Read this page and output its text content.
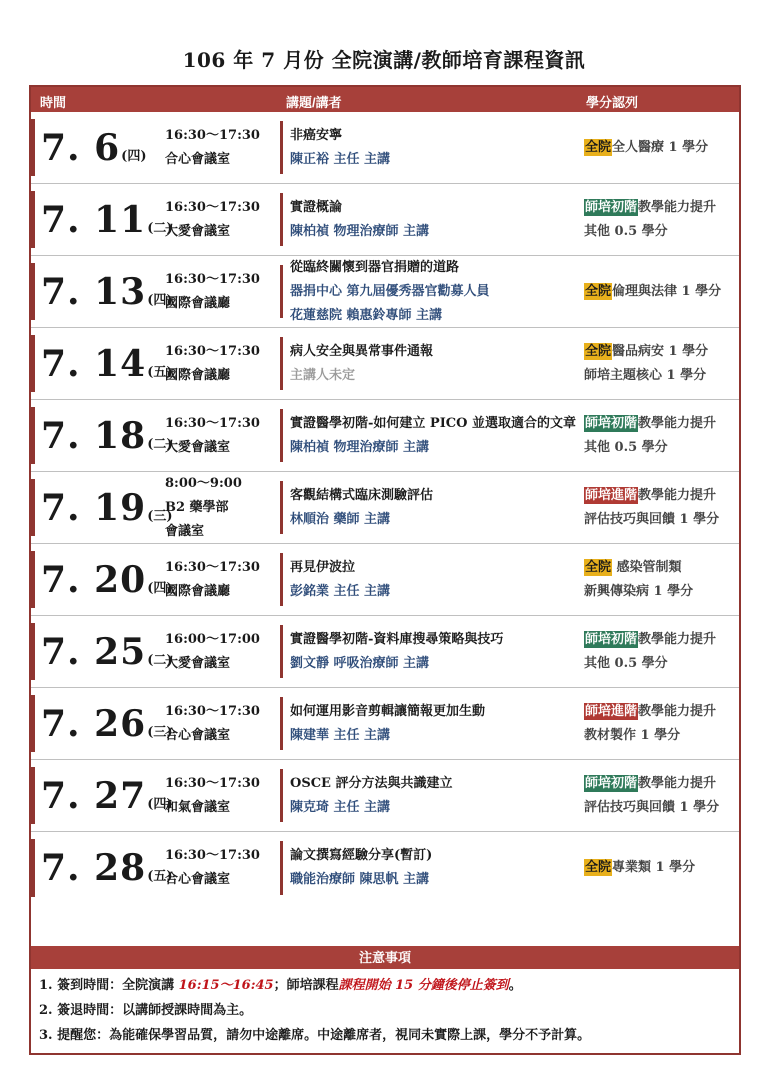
106 年 7 月份 全院演講/教師培育課程資訊
時間	講題/講者	學分認列
7. 6(四)
16:30～17:30
合心會議室
非癌安寧
陳正裕 主任 主講
全院全人醫療 1 學分
7. 11(二)
16:30～17:30
大愛會議室
實證概論
陳柏禎 物理治療師 主講
師培初階教學能力提升
其他 0.5 學分
7. 13(四)
16:30～17:30
國際會議廳
從臨終關懷到器官捐贈的道路
器捐中心 第九屆優秀器官勸募人員
花蓮慈院 賴惠鈴專師 主講
全院倫理與法律 1 學分
7. 14(五)
16:30～17:30
國際會議廳
病人安全與異常事件通報
主講人未定
全院醫品病安 1 學分
師培主題核心 1 學分
7. 18(二)
16:30～17:30
大愛會議室
實證醫學初階-如何建立 PICO 並選取適合的文章
陳柏禎 物理治療師 主講
師培初階教學能力提升
其他 0.5 學分
7. 19(三)
8:00～9:00
B2 藥學部
會議室
客觀結構式臨床測驗評估
林順治 藥師 主講
師培進階教學能力提升
評估技巧與回饋 1 學分
7. 20(四)
16:30～17:30
國際會議廳
再見伊波拉
彭銘業 主任 主講
全院 感染管制類
新興傳染病 1 學分
7. 25(二)
16:00～17:00
大愛會議室
實證醫學初階-資料庫搜尋策略與技巧
劉文靜 呼吸治療師 主講
師培初階教學能力提升
其他 0.5 學分
7. 26(三)
16:30～17:30
合心會議室
如何運用影音剪輯讓簡報更加生動
陳建華 主任 主講
師培進階教學能力提升
教材製作 1 學分
7. 27(四)
16:30～17:30
和氣會議室
OSCE 評分方法與共識建立
陳克琦 主任 主講
師培初階教學能力提升
評估技巧與回饋 1 學分
7. 28(五)
16:30～17:30
合心會議室
論文撰寫經驗分享(暫訂)
職能治療師 陳思帆 主講
全院專業類 1 學分
注意事項
1. 簽到時間：全院演講 16:15～16:45；師培課程課程開始 15 分鐘後停止簽到。
2. 簽退時間：以講師授課時間為主。
3. 提醒您：為能確保學習品質，請勿中途離席。中途離席者，視同未實際上課，學分不予計算。
